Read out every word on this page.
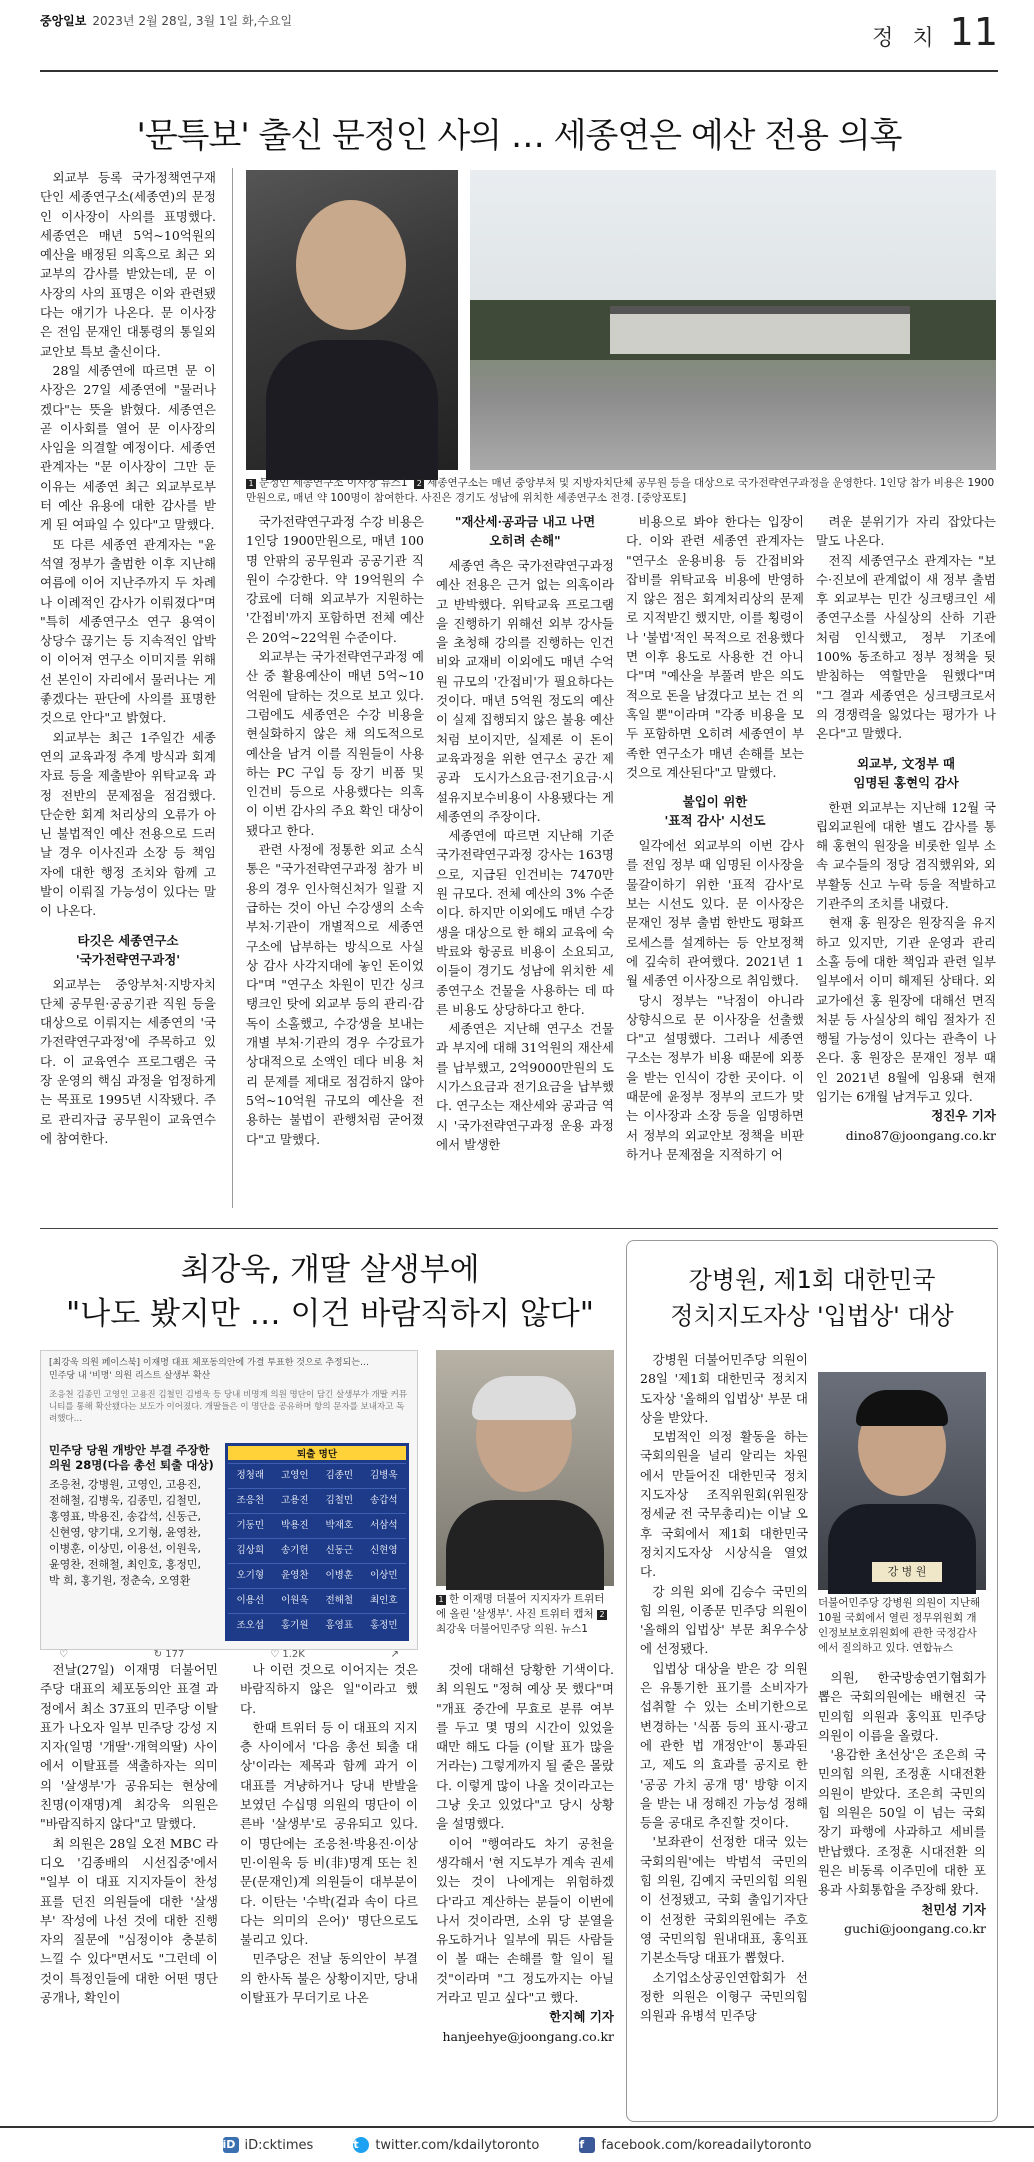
중앙일보 2023년 2월 28일, 3월 1일 화,수요일
정 치 11
'문특보' 출신 문정인 사의 … 세종연은 예산 전용 의혹

외교부 등록 국가정책연구재단인 세종연구소(세종연)의 문정인 이사장이 사의를 표명했다. 세종연은 매년 5억~10억원의 예산을 배정된 의혹으로 최근 외교부의 감사를 받았는데, 문 이사장의 사의 표명은 이와 관련됐다는 얘기가 나온다. 문 이사장은 전임 문재인 대통령의 통일외교안보 특보 출신이다.

28일 세종연에 따르면 문 이사장은 27일 세종연에 "물러나겠다"는 뜻을 밝혔다. 세종연은 곧 이사회를 열어 문 이사장의 사임을 의결할 예정이다. 세종연 관계자는 "문 이사장이 그만 둔 이유는 세종연 최근 외교부로부터 예산 유용에 대한 감사를 받게 된 여파일 수 있다"고 말했다.

또 다른 세종연 관계자는 "윤석열 정부가 출범한 이후 지난해 여름에 이어 지난주까지 두 차례나 이례적인 감사가 이뤄졌다"며 "특히 세종연구소 연구 용역이 상당수 끊기는 등 지속적인 압박이 이어져 연구소 이미지를 위해선 본인이 자리에서 물러나는 게 좋겠다는 판단에 사의를 표명한 것으로 안다"고 밝혔다.

외교부는 최근 1주일간 세종연의 교육과정 추계 방식과 회계자료 등을 제출받아 위탁교육 과정 전반의 문제점을 점검했다. 단순한 회계 처리상의 오류가 아닌 불법적인 예산 전용으로 드러날 경우 이사진과 소장 등 책임자에 대한 행정 조치와 함께 고발이 이뤄질 가능성이 있다는 말이 나온다.

타깃은 세종연구소
'국가전략연구과정'

외교부는 중앙부처·지방자치단체 공무원·공공기관 직원 등을 대상으로 이뤄지는 세종연의 '국가전략연구과정'에 주목하고 있다. 이 교육연수 프로그램은 국장 운영의 핵심 과정을 엄정하게는 목표로 1995년 시작됐다. 주로 관리자급 공무원이 교육연수에 참여한다.

1 문정인 세종연구소 이사장 뉴스1 2 세종연구소는 매년 중앙부처 및 지방자치단체 공무원 등을 대상으로 국가전략연구과정을 운영한다. 1인당 참가 비용은 1900만원으로, 매년 약 100명이 참여한다. 사진은 경기도 성남에 위치한 세종연구소 전경. [중앙포토]

국가전략연구과정 수강 비용은 1인당 1900만원으로, 매년 100명 안팎의 공무원과 공공기관 직원이 수강한다. 약 19억원의 수강료에 더해 외교부가 지원하는 '간접비'까지 포함하면 전체 예산은 20억~22억원 수준이다.

외교부는 국가전략연구과정 예산 중 활용예산이 매년 5억~10억원에 달하는 것으로 보고 있다. 그럼에도 세종연은 수강 비용을 현실화하지 않은 채 의도적으로 예산을 남겨 이를 직원들이 사용하는 PC 구입 등 장기 비품 및 인건비 등으로 사용했다는 의혹이 이번 감사의 주요 확인 대상이 됐다고 한다.

관련 사정에 정통한 외교 소식통은 "국가전략연구과정 참가 비용의 경우 인사혁신처가 일괄 지급하는 것이 아닌 수강생의 소속 부처·기관이 개별적으로 세종연구소에 납부하는 방식으로 사실상 감사 사각지대에 놓인 돈이었다"며 "연구소 차원이 민간 싱크탱크인 탓에 외교부 등의 관리·감독이 소홀했고, 수강생을 보내는 개별 부처·기관의 경우 수강료가 상대적으로 소액인 데다 비용 처리 문제를 제대로 점검하지 않아 5억~10억원 규모의 예산을 전용하는 불법이 관행처럼 굳어졌다"고 말했다.

"재산세·공과금 내고 나면
오히려 손해"

세종연 측은 국가전략연구과정 예산 전용은 근거 없는 의혹이라고 반박했다. 위탁교육 프로그램을 진행하기 위해선 외부 강사들을 초청해 강의를 진행하는 인건비와 교재비 이외에도 매년 수억원 규모의 '간접비'가 필요하다는 것이다. 매년 5억원 정도의 예산이 실제 집행되지 않은 불용 예산처럼 보이지만, 실제론 이 돈이 교육과정을 위한 연구소 공간 제공과 도시가스요금·전기요금·시설유지보수비용이 사용됐다는 게 세종연의 주장이다.

세종연에 따르면 지난해 기준 국가전략연구과정 강사는 163명으로, 지급된 인건비는 7470만원 규모다. 전체 예산의 3% 수준이다. 하지만 이외에도 매년 수강생을 대상으로 한 해외 교육에 숙박료와 항공료 비용이 소요되고, 이들이 경기도 성남에 위치한 세종연구소 건물을 사용하는 데 따른 비용도 상당하다고 한다.

세종연은 지난해 연구소 건물과 부지에 대해 31억원의 재산세를 납부했고, 2억9000만원의 도시가스요금과 전기요금을 납부했다. 연구소는 재산세와 공과금 역시 '국가전략연구과정 운용 과정에서 발생한

비용으로 봐야 한다는 입장이다. 이와 관련 세종연 관계자는 "연구소 운용비용 등 간접비와 잡비를 위탁교육 비용에 반영하지 않은 점은 회계처리상의 문제로 지적받긴 했지만, 이를 횡령이나 '불법'적인 목적으로 전용했다면 이후 용도로 사용한 건 아니다"며 "예산을 부풀려 받은 의도적으로 돈을 남겼다고 보는 건 의혹일 뿐"이라며 "각종 비용을 모두 포함하면 오히려 세종연이 부족한 연구소가 매년 손해를 보는 것으로 계산된다"고 말했다.

불입이 위한
'표적 감사' 시선도

일각에선 외교부의 이번 감사를 전임 정부 때 임명된 이사장을 물갈이하기 위한 '표적 감사'로 보는 시선도 있다. 문 이사장은 문재인 정부 출범 한반도 평화프로세스를 설계하는 등 안보정책에 깊숙히 관여했다. 2021년 1월 세종연 이사장으로 취임했다.

당시 정부는 "낙점이 아니라 상향식으로 문 이사장을 선출했다"고 설명했다. 그러나 세종연구소는 정부가 비용 때문에 외풍을 받는 인식이 강한 곳이다. 이 때문에 윤정부 정부의 코드가 맞는 이사장과 소장 등을 임명하면서 정부의 외교안보 정책을 비판하거나 문제점을 지적하기 어

려운 분위기가 자리 잡았다는 말도 나온다.

전직 세종연구소 관계자는 "보수·진보에 관계없이 새 정부 출범 후 외교부는 민간 싱크탱크인 세종연구소를 사실상의 산하 기관처럼 인식했고, 정부 기조에 100% 동조하고 정부 정책을 뒷받침하는 역할만을 원했다"며 "그 결과 세종연은 싱크탱크로서의 경쟁력을 잃었다는 평가가 나온다"고 말했다.

외교부, 文정부 때
임명된 홍현익 감사

한편 외교부는 지난해 12월 국립외교원에 대한 별도 감사를 통해 홍현익 원장을 비롯한 일부 소속 교수들의 정당 겸직했위와, 외부활동 신고 누락 등을 적발하고 기관주의 조치를 내렸다.

현재 홍 원장은 원장직을 유지하고 있지만, 기관 운영과 관리 소홀 등에 대한 책임과 관련 일부 일부에서 이미 해제된 상태다. 외교가에선 홍 원장에 대해선 면직 처분 등 사실상의 해임 절차가 진행될 가능성이 있다는 관측이 나온다. 홍 원장은 문재인 정부 때인 2021년 8월에 임용돼 현재 임기는 6개월 남겨두고 있다.

정진우 기자
dino87@joongang.co.kr
최강욱, 개딸 살생부에
"나도 봤지만 … 이건 바람직하지 않다"
[최강욱 의원 페이스북] 이재명 대표 체포동의안에 가결 투표한 것으로 추정되는…
민주당 내 '비명' 의원 리스트 살생부 확산
조응천 김종민 고영인 고용진 김철민 김병욱 등 당내 비명계 의원 명단이 담긴 살생부가 개딸 커뮤니티를 통해 확산됐다는 보도가 이어졌다. 개딸들은 이 명단을 공유하며 항의 문자를 보내자고 독려했다…
민주당 당원 개방안 부결 주장한 의원 28명(다음 총선 퇴출 대상)
조응천, 강병원, 고영인, 고용진,
전해철, 김병욱, 김종민, 김철민,
홍영표, 박용진, 송갑석, 신동근,
신현영, 양기대, 오기형, 윤영찬,
이병훈, 이상민, 이용선, 이원욱,
윤영찬, 전해철, 최인호, 홍정민,
박 희, 홍기원, 정춘숙, 오영환
퇴출 명단
정청래	고영인	김종민	김병욱
조응천	고용진	김철민	송갑석
기동민	박용진	박재호	서삼석
김상희	송기헌	신동근	신현영
오기형	윤영찬	이병훈	이상민
이용선	이원욱	전해철	최인호
조오섭	홍기원	홍영표	홍정민
♡	↻ 177	♡ 1.2K	↗
1 한 이재명 더불어 지지자가 트위터에 올린 '살생부'. 사진 트위터 캡처 2최강욱 더불어민주당 의원. 뉴스1

전날(27일) 이재명 더불어민주당 대표의 체포동의안 표결 과정에서 최소 37표의 민주당 이탈표가 나오자 일부 민주당 강성 지지자(일명 '개딸'·개혁의딸) 사이에서 이탈표를 색출하자는 의미의 '살생부'가 공유되는 현상에 친명(이재명)계 최강욱 의원은 "바람직하지 않다"고 말했다.

최 의원은 28일 오전 MBC 라디오 '김종배의 시선집중'에서 "일부 이 대표 지지자들이 찬성표를 던진 의원들에 대한 '살생부' 작성에 나선 것에 대한 진행자의 질문에 "심정이야 충분히 느낄 수 있다"면서도 "그런데 이것이 특정인들에 대한 어떤 명단공개나, 확인이

나 이런 것으로 이어지는 것은 바람직하지 않은 일"이라고 했다.

한때 트위터 등 이 대표의 지지층 사이에서 '다음 총선 퇴출 대상'이라는 제목과 함께 과거 이 대표를 겨냥하거나 당내 반발을 보였던 수십명 의원의 명단이 이른바 '살생부'로 공유되고 있다. 이 명단에는 조응천·박용진·이상민·이원욱 등 비(非)명계 또는 친문(문재인)계 의원들이 대부분이다. 이탄는 '수박(겉과 속이 다르다는 의미의 은어)' 명단으로도 불리고 있다.

민주당은 전날 동의안이 부결의 한사독 불은 상황이지만, 당내 이탈표가 무더기로 나온

것에 대해선 당황한 기색이다. 최 의원도 "정혀 예상 못 했다"며 "개표 중간에 무효로 분류 여부를 두고 몇 명의 시간이 있었을 때만 해도 다들 (이탈 표가 많을 거라는) 그렇게까지 될 줄은 몰랐다. 이렇게 많이 나올 것이라고는 그냥 웃고 있었다"고 당시 상황을 설명했다.

이어 "행여라도 차기 공천을 생각해서 '현 지도부가 계속 권세 있는 것이 나에게는 위험하겠다'라고 계산하는 분들이 이번에 나서 것이라면, 소위 당 분열을 유도하거나 일부에 뭐든 사람들이 볼 때는 손해를 할 일이 될 것"이라며 "그 정도까지는 아닐 거라고 믿고 싶다"고 했다.

한지혜 기자
hanjeehye@joongang.co.kr
강병원, 제1회 대한민국
정치지도자상 '입법상' 대상

강병원 더불어민주당 의원이 28일 '제1회 대한민국 정치지도자상 '올해의 입법상' 부문 대상을 받았다.

모범적인 의정 활동을 하는 국회의원을 널리 알리는 차원에서 만들어진 대한민국 정치지도자상 조직위원회(위원장 정세균 전 국무총리)는 이날 오후 국회에서 제1회 대한민국 정치지도자상 시상식을 열었다.

강 의원 외에 김승수 국민의힘 의원, 이종문 민주당 의원이 '올해의 입법상' 부문 최우수상에 선정됐다.

입법상 대상을 받은 강 의원은 유통기한 표기를 소비자가 섭취할 수 있는 소비기한으로 변경하는 '식품 등의 표시·광고에 관한 법 개정안'이 통과된 고, 제도 의 효과를 공지로 한 '공공 가치 공개 명' 방향 이지을 받는 내 정해진 가능성 정해 등을 공대로 추진할 것이다.

'보좌관이 선정한 대국 있는 국회의원'에는 박범석 국민의힘 의원, 김예지 국민의힘 의원이 선정됐고, 국회 출입기자단이 선정한 국회의원에는 주호영 국민의힘 원내대표, 홍익표 기본소득당 대표가 뽑혔다.

소기업소상공인연합회가 선정한 의원은 이형구 국민의힘 의원과 유병석 민주당

강 병 원
더불어민주당 강병원 의원이 지난해 10월 국회에서 열린 정무위원회 개인정보보호위원회에 관한 국정감사에서 질의하고 있다. 연합뉴스

의원, 한국방송연기협회가 뽑은 국회의원에는 배현진 국민의힘 의원과 홍익표 민주당 의원이 이름을 올렸다.

'용감한 초선상'은 조은희 국민의힘 의원, 조정훈 시대전환 의원이 받았다. 조은희 국민의힘 의원은 50일 이 넘는 국회 장기 파행에 사과하고 세비를 반납했다. 조정훈 시대전환 의원은 비동록 이주민에 대한 포용과 사회통합을 주장해 왔다.

천민성 기자
guchi@joongang.co.kr
iD iD:cktimes	t	twitter.com/kdailytoronto	f	facebook.com/koreadailytoronto
